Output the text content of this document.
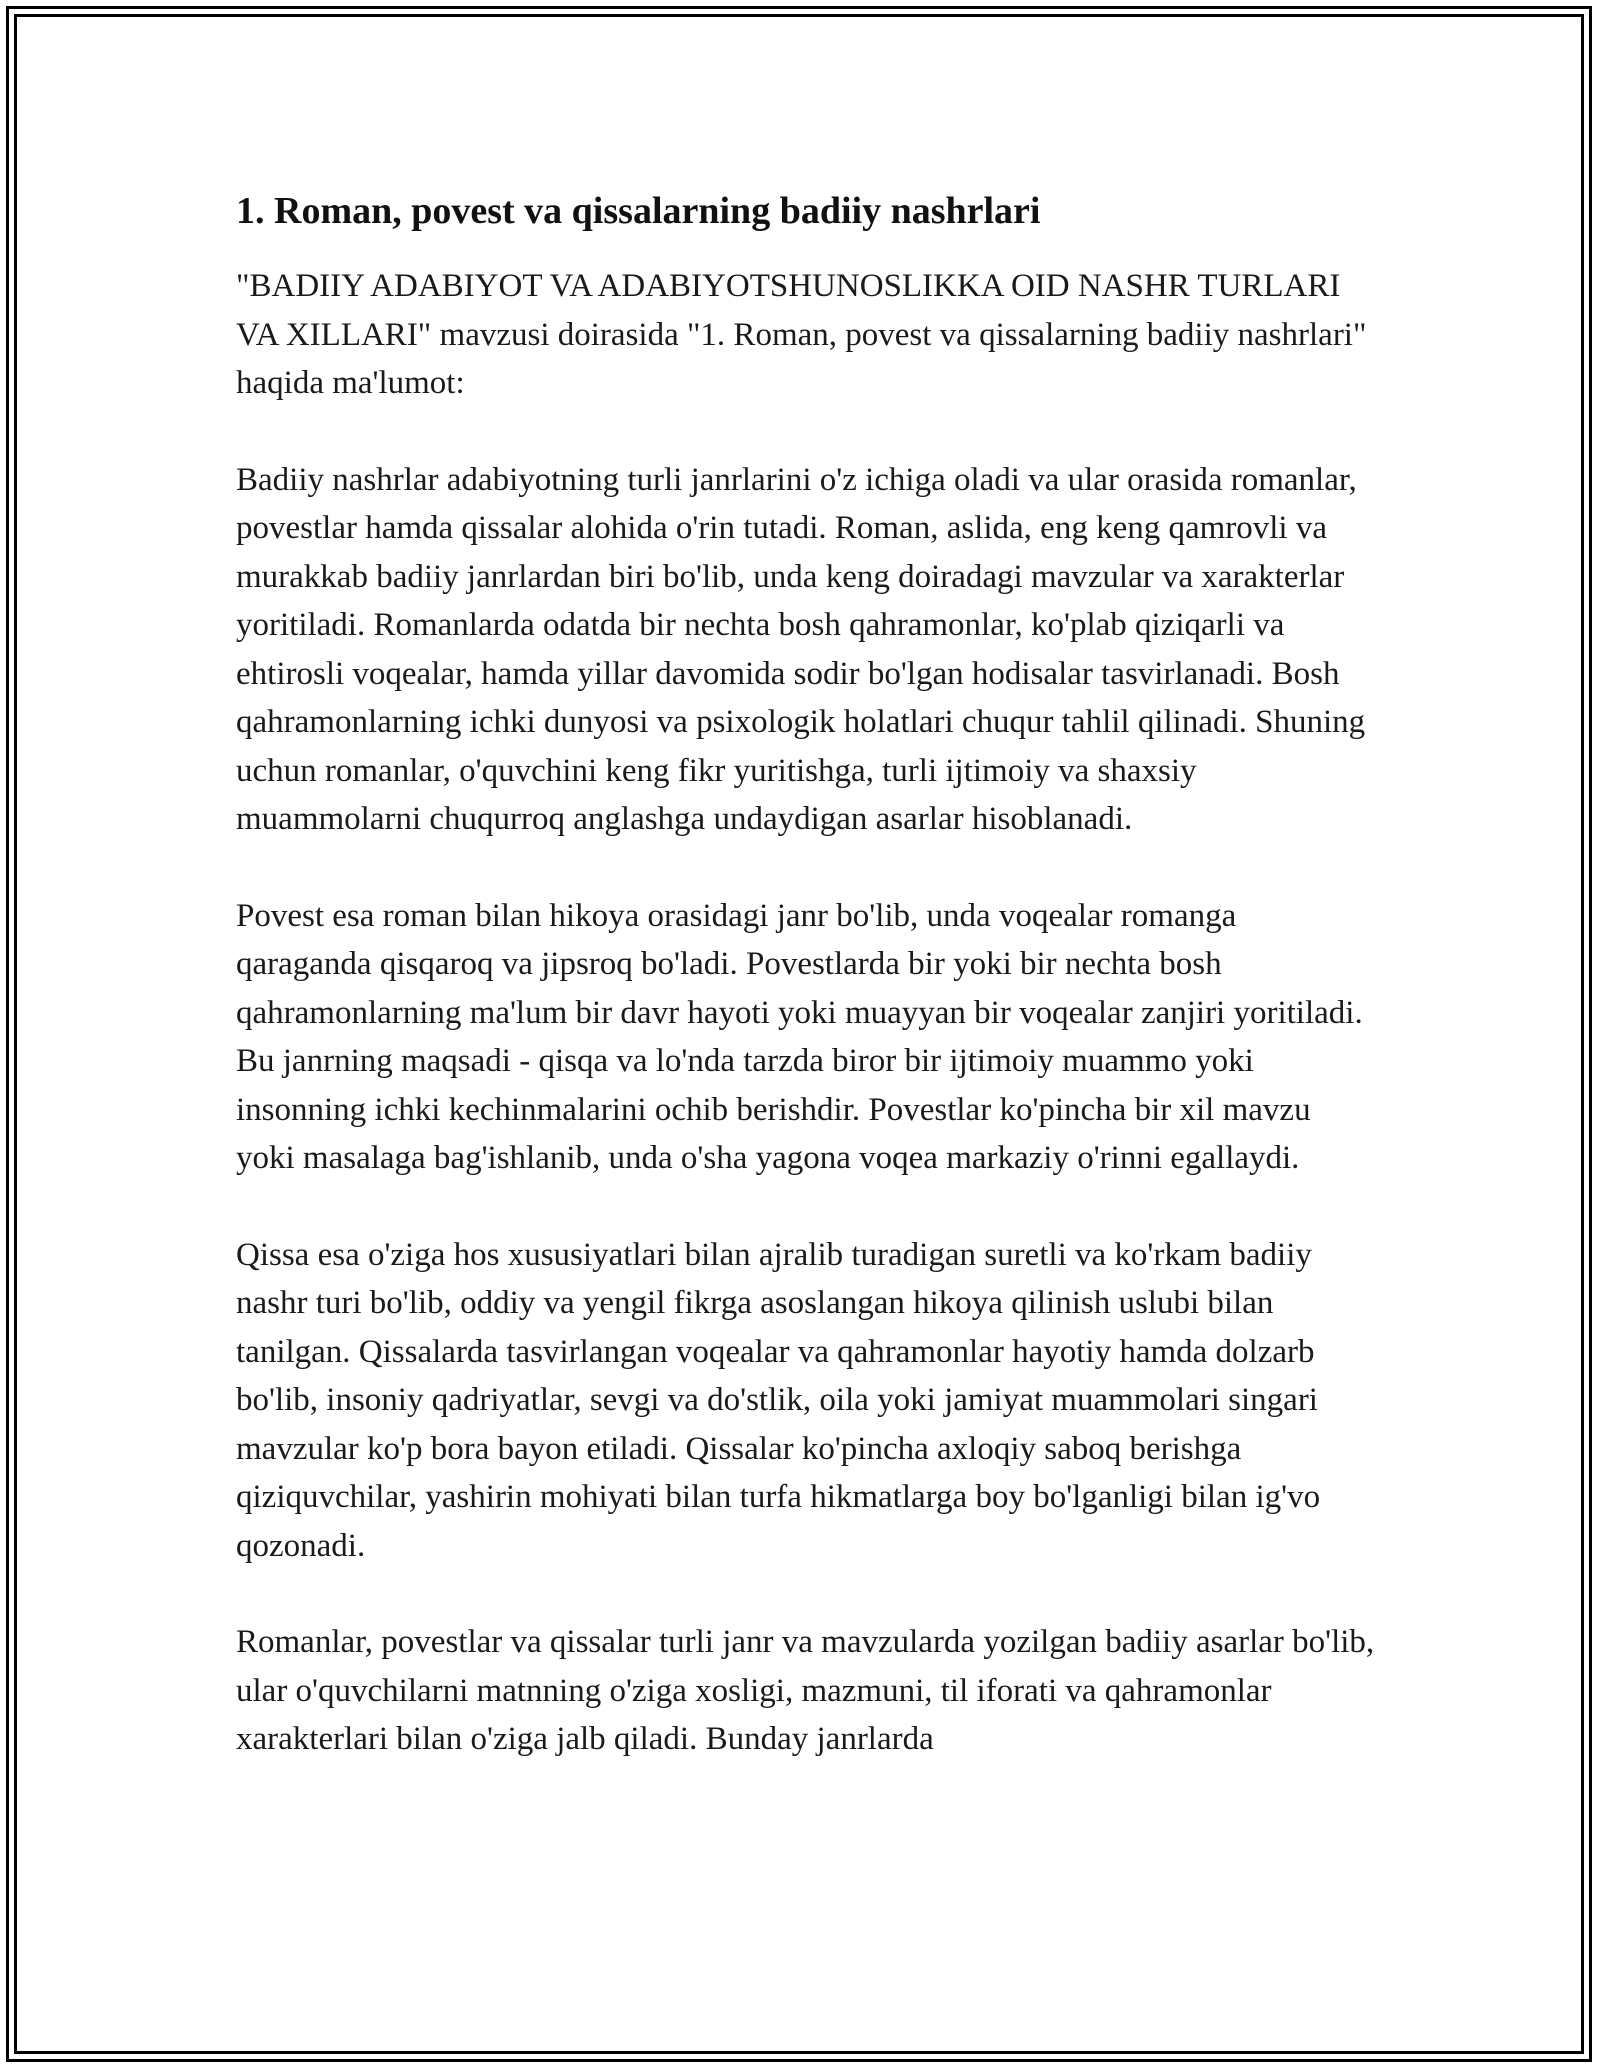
1. Roman, povest va qissalarning badiiy nashrlari

"BADIIY ADABIYOT VA ADABIYOTSHUNOSLIKKA OID NASHR TURLARI VA XILLARI" mavzusi doirasida "1. Roman, povest va qissalarning badiiy nashrlari" haqida ma'lumot:

Badiiy nashrlar adabiyotning turli janrlarini o'z ichiga oladi va ular orasida romanlar, povestlar hamda qissalar alohida o'rin tutadi. Roman, aslida, eng keng qamrovli va murakkab badiiy janrlardan biri bo'lib, unda keng doiradagi mavzular va xarakterlar yoritiladi. Romanlarda odatda bir nechta bosh qahramonlar, ko'plab qiziqarli va ehtirosli voqealar, hamda yillar davomida sodir bo'lgan hodisalar tasvirlanadi. Bosh qahramonlarning ichki dunyosi va psixologik holatlari chuqur tahlil qilinadi. Shuning uchun romanlar, o'quvchini keng fikr yuritishga, turli ijtimoiy va shaxsiy muammolarni chuqurroq anglashga undaydigan asarlar hisoblanadi.

Povest esa roman bilan hikoya orasidagi janr bo'lib, unda voqealar romanga qaraganda qisqaroq va jipsroq bo'ladi. Povestlarda bir yoki bir nechta bosh qahramonlarning ma'lum bir davr hayoti yoki muayyan bir voqealar zanjiri yoritiladi. Bu janrning maqsadi - qisqa va lo'nda tarzda biror bir ijtimoiy muammo yoki insonning ichki kechinmalarini ochib berishdir. Povestlar ko'pincha bir xil mavzu yoki masalaga bag'ishlanib, unda o'sha yagona voqea markaziy o'rinni egallaydi.

Qissa esa o'ziga hos xususiyatlari bilan ajralib turadigan suretli va ko'rkam badiiy nashr turi bo'lib, oddiy va yengil fikrga asoslangan hikoya qilinish uslubi bilan tanilgan. Qissalarda tasvirlangan voqealar va qahramonlar hayotiy hamda dolzarb bo'lib, insoniy qadriyatlar, sevgi va do'stlik, oila yoki jamiyat muammolari singari mavzular ko'p bora bayon etiladi. Qissalar ko'pincha axloqiy saboq berishga qiziquvchilar, yashirin mohiyati bilan turfa hikmatlarga boy bo'lganligi bilan ig'vo qozonadi.

Romanlar, povestlar va qissalar turli janr va mavzularda yozilgan badiiy asarlar bo'lib, ular o'quvchilarni matnning o'ziga xosligi, mazmuni, til iforati va qahramonlar xarakterlari bilan o'ziga jalb qiladi. Bunday janrlarda
